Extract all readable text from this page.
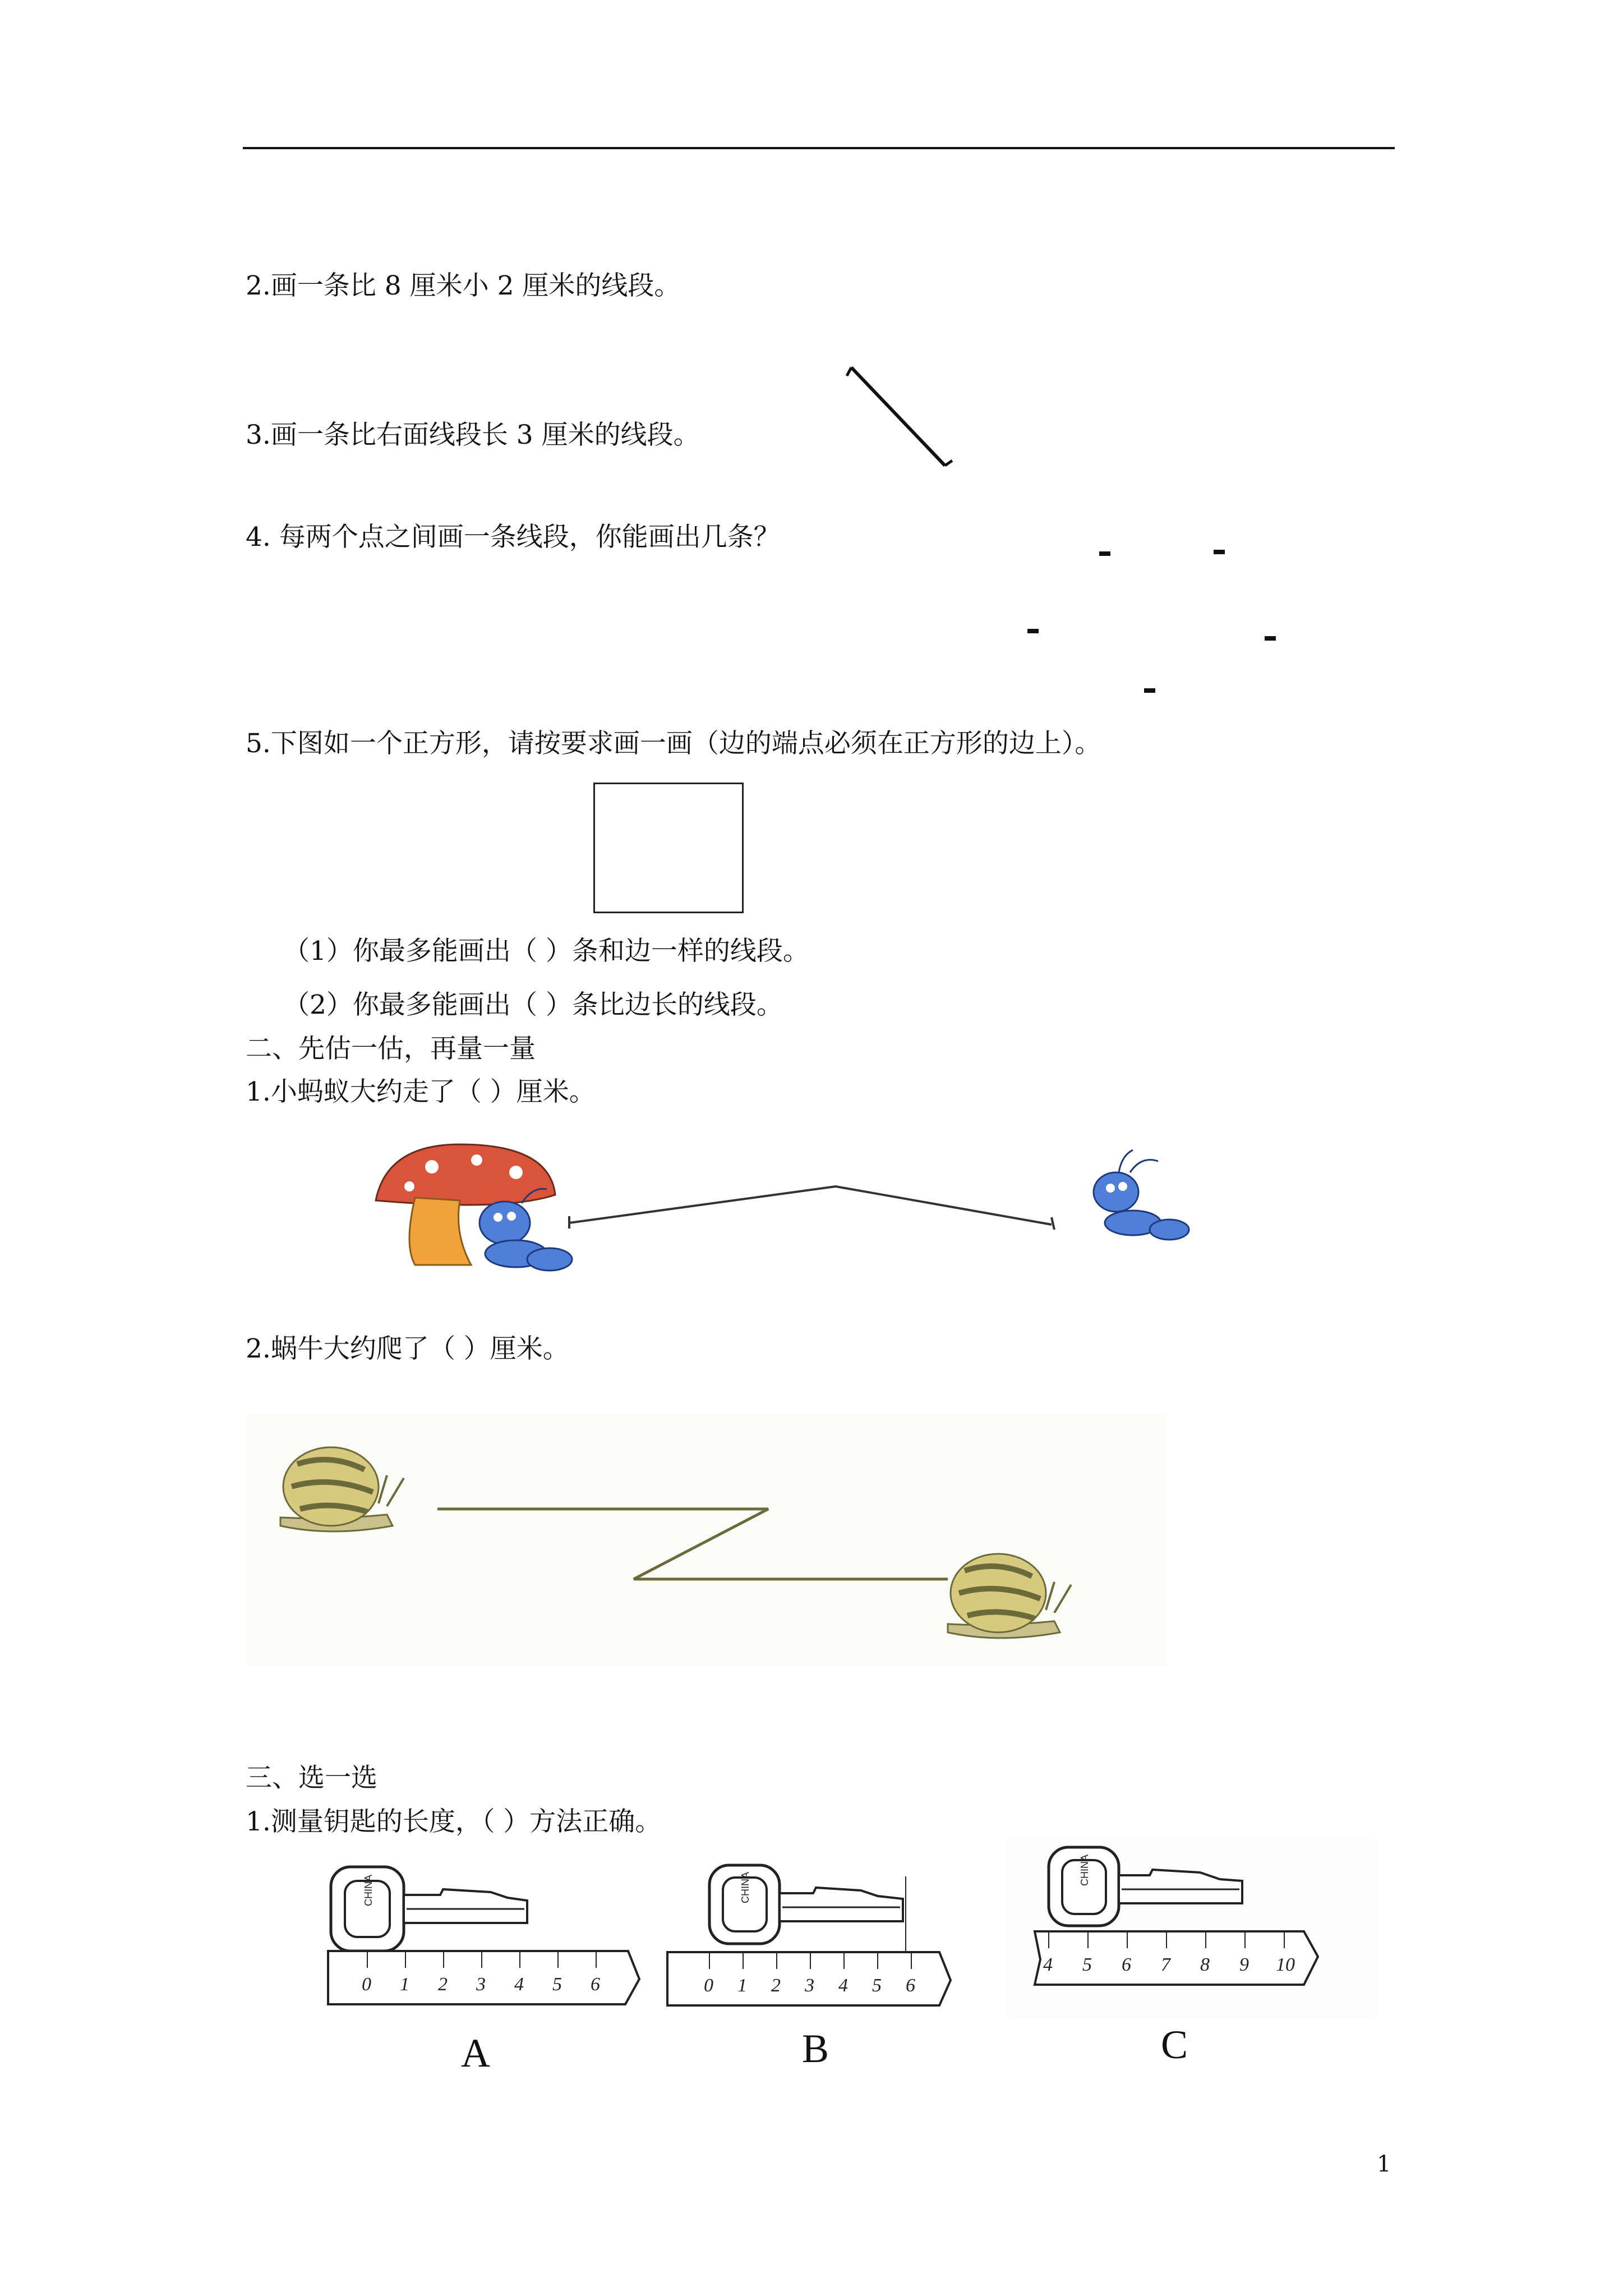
2.画一条比 8 厘米小 2 厘米的线段。
3.画一条比右面线段长 3 厘米的线段。
4. 每两个点之间画一条线段，你能画出几条？
5.下图如一个正方形，请按要求画一画（边的端点必须在正方形的边上）。
（1）你最多能画出（ ）条和边一样的线段。
（2）你最多能画出（ ）条比边长的线段。
二、先估一估，再量一量
1.小蚂蚁大约走了（ ）厘米。
2.蜗牛大约爬了（ ）厘米。
三、选一选
1.测量钥匙的长度，（ ）方法正确。
CHINA
0 1 2 3 4 5 6
A
CHINA
0 1 2 3 4 5 6
B
CHINA
4 5 6 7 8 9 10
C
1
